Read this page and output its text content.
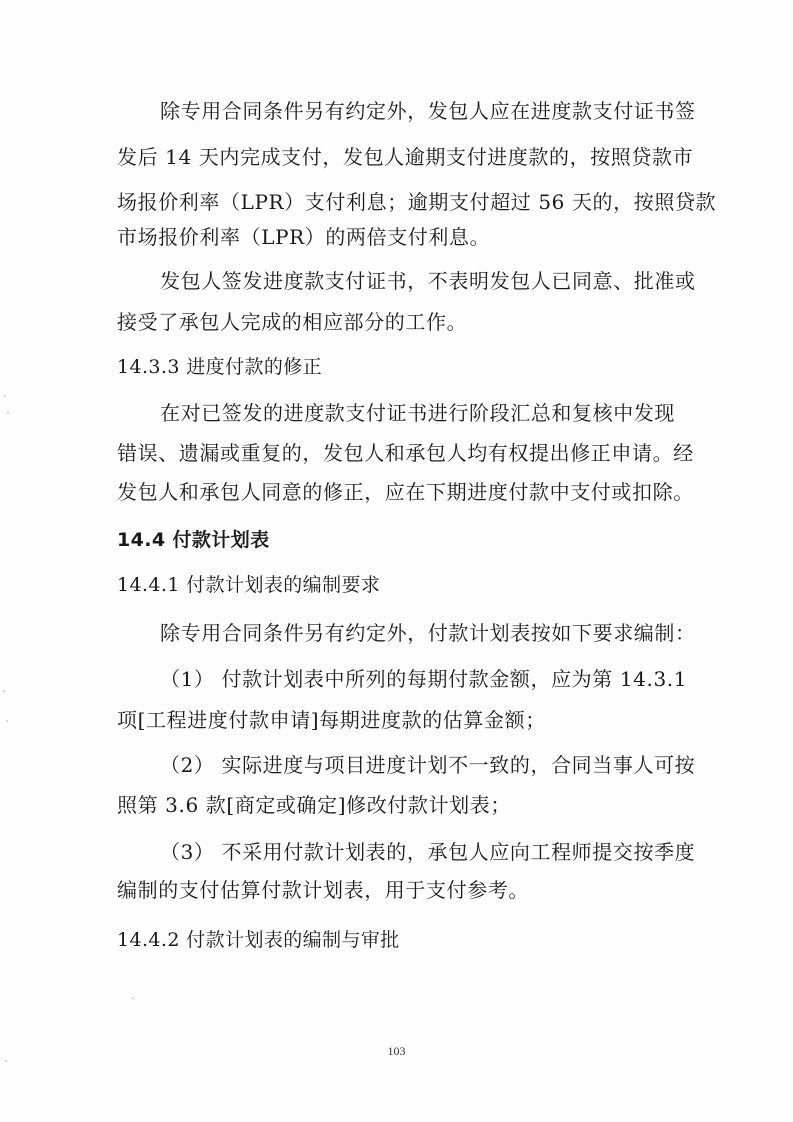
除专用合同条件另有约定外，发包人应在进度款支付证书签
发后 14 天内完成支付，发包人逾期支付进度款的，按照贷款市
场报价利率（LPR）支付利息；逾期支付超过 56 天的，按照贷款
市场报价利率（LPR）的两倍支付利息。
发包人签发进度款支付证书，不表明发包人已同意、批准或
接受了承包人完成的相应部分的工作。
14.3.3 进度付款的修正
在对已签发的进度款支付证书进行阶段汇总和复核中发现
错误、遗漏或重复的，发包人和承包人均有权提出修正申请。经
发包人和承包人同意的修正，应在下期进度付款中支付或扣除。
14.4 付款计划表
14.4.1 付款计划表的编制要求
除专用合同条件另有约定外，付款计划表按如下要求编制：
（1） 付款计划表中所列的每期付款金额，应为第 14.3.1
项[工程进度付款申请]每期进度款的估算金额；
（2） 实际进度与项目进度计划不一致的，合同当事人可按
照第 3.6 款[商定或确定]修改付款计划表；
（3） 不采用付款计划表的，承包人应向工程师提交按季度
编制的支付估算付款计划表，用于支付参考。
14.4.2 付款计划表的编制与审批
103
